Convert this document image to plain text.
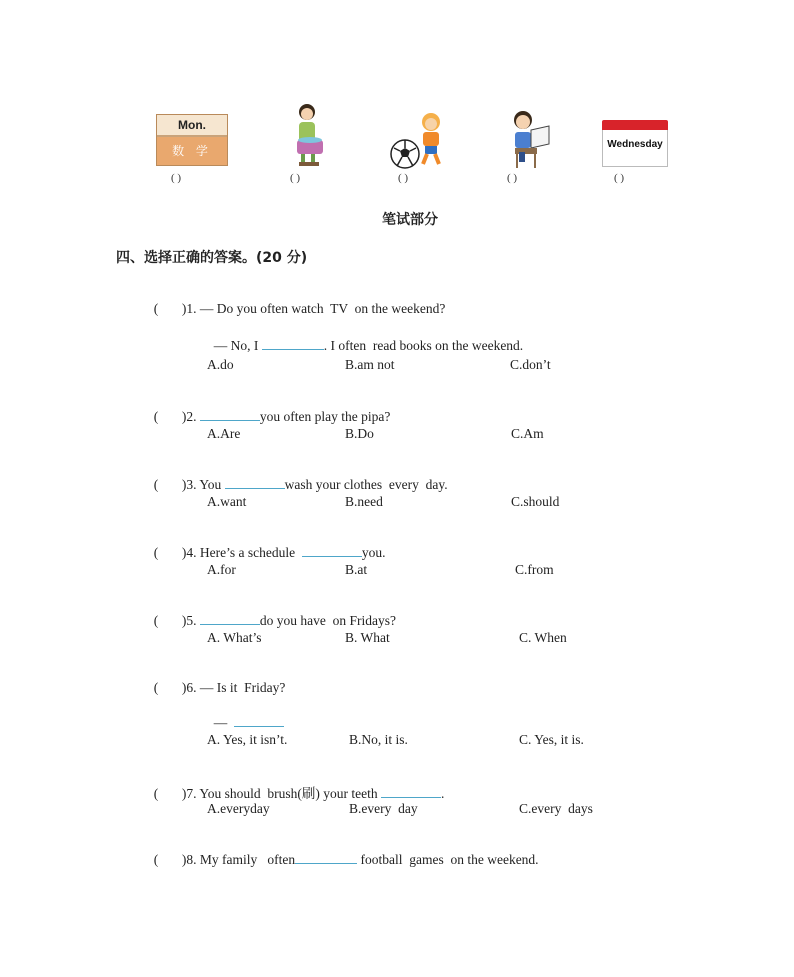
Mon.
数 学
( )	( )	( )	( )
Wednesday
( )
笔试部分
四、选择正确的答案。(20 分)

(       )1. — Do you often watch  TV  on the weekend?

— No, I	. I often  read books on the weekend.

A.do	B.am not	C.don’t

(       )2.	you often play the pipa?

A.Are	B.Do	C.Am

(       )3. You	wash your clothes  every  day.

A.want	B.need	C.should

(       )4. Here’s a schedule	you.

A.for	B.at	C.from

(       )5.	do you have  on Fridays?

A. What’s	B. What	C. When

(       )6. — Is it  Friday?

—

A. Yes, it isn’t.	B.No, it is.	C. Yes, it is.

(       )7. You should  brush(刷) your teeth	.

A.everyday	B.every  day	C.every  days

(       )8. My family   often	football  games  on the weekend.
